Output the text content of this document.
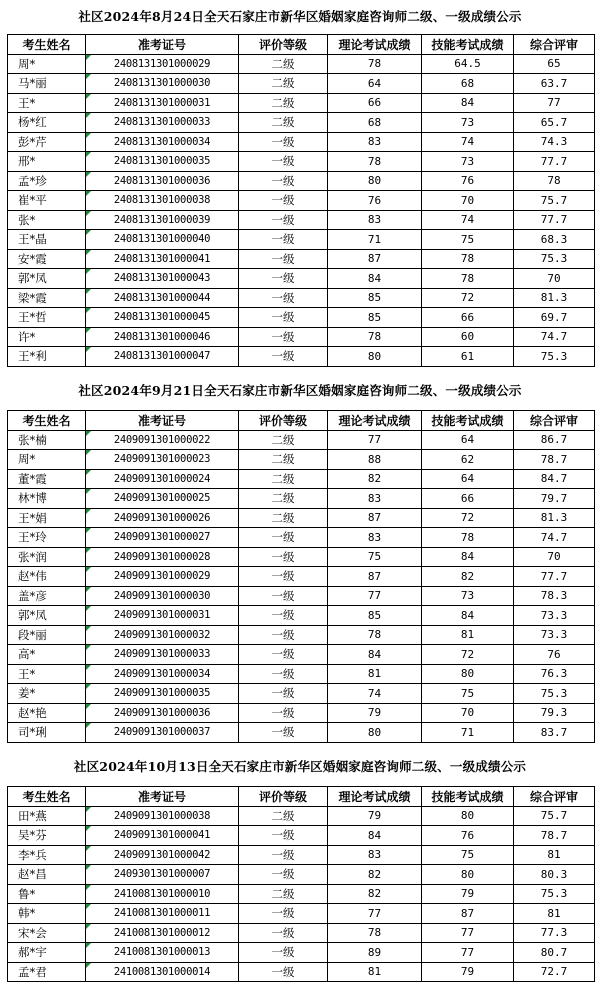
社区2024年8月24日全天石家庄市新华区婚姻家庭咨询师二级、一级成绩公示
考生姓名	准考证号	评价等级	理论考试成绩	技能考试成绩	综合评审
周*	2408131301000029	二级	78	64.5	65
马*丽	2408131301000030	二级	64	68	63.7
王*	2408131301000031	二级	66	84	77
杨*红	2408131301000033	二级	68	73	65.7
彭*芹	2408131301000034	一级	83	74	74.3
邢*	2408131301000035	一级	78	73	77.7
孟*珍	2408131301000036	一级	80	76	78
崔*平	2408131301000038	一级	76	70	75.7
张*	2408131301000039	一级	83	74	77.7
王*晶	2408131301000040	一级	71	75	68.3
安*霞	2408131301000041	一级	87	78	75.3
郭*凤	2408131301000043	一级	84	78	70
梁*霞	2408131301000044	一级	85	72	81.3
王*哲	2408131301000045	一级	85	66	69.7
许*	2408131301000046	一级	78	60	74.7
王*利	2408131301000047	一级	80	61	75.3
社区2024年9月21日全天石家庄市新华区婚姻家庭咨询师二级、一级成绩公示
考生姓名	准考证号	评价等级	理论考试成绩	技能考试成绩	综合评审
张*楠	2409091301000022	二级	77	64	86.7
周*	2409091301000023	二级	88	62	78.7
董*霞	2409091301000024	二级	82	64	84.7
林*博	2409091301000025	二级	83	66	79.7
王*娟	2409091301000026	二级	87	72	81.3
王*玲	2409091301000027	一级	83	78	74.7
张*润	2409091301000028	一级	75	84	70
赵*伟	2409091301000029	一级	87	82	77.7
盖*彦	2409091301000030	一级	77	73	78.3
郭*凤	2409091301000031	一级	85	84	73.3
段*丽	2409091301000032	一级	78	81	73.3
高*	2409091301000033	一级	84	72	76
王*	2409091301000034	一级	81	80	76.3
姜*	2409091301000035	一级	74	75	75.3
赵*艳	2409091301000036	一级	79	70	79.3
司*琍	2409091301000037	一级	80	71	83.7
社区2024年10月13日全天石家庄市新华区婚姻家庭咨询师二级、一级成绩公示
考生姓名	准考证号	评价等级	理论考试成绩	技能考试成绩	综合评审
田*燕	2409091301000038	二级	79	80	75.7
吴*芬	2409091301000041	一级	84	76	78.7
李*兵	2409091301000042	一级	83	75	81
赵*昌	2409301301000007	一级	82	80	80.3
鲁*	2410081301000010	二级	82	79	75.3
韩*	2410081301000011	一级	77	87	81
宋*会	2410081301000012	一级	78	77	77.3
郝*宇	2410081301000013	一级	89	77	80.7
孟*君	2410081301000014	一级	81	79	72.7
